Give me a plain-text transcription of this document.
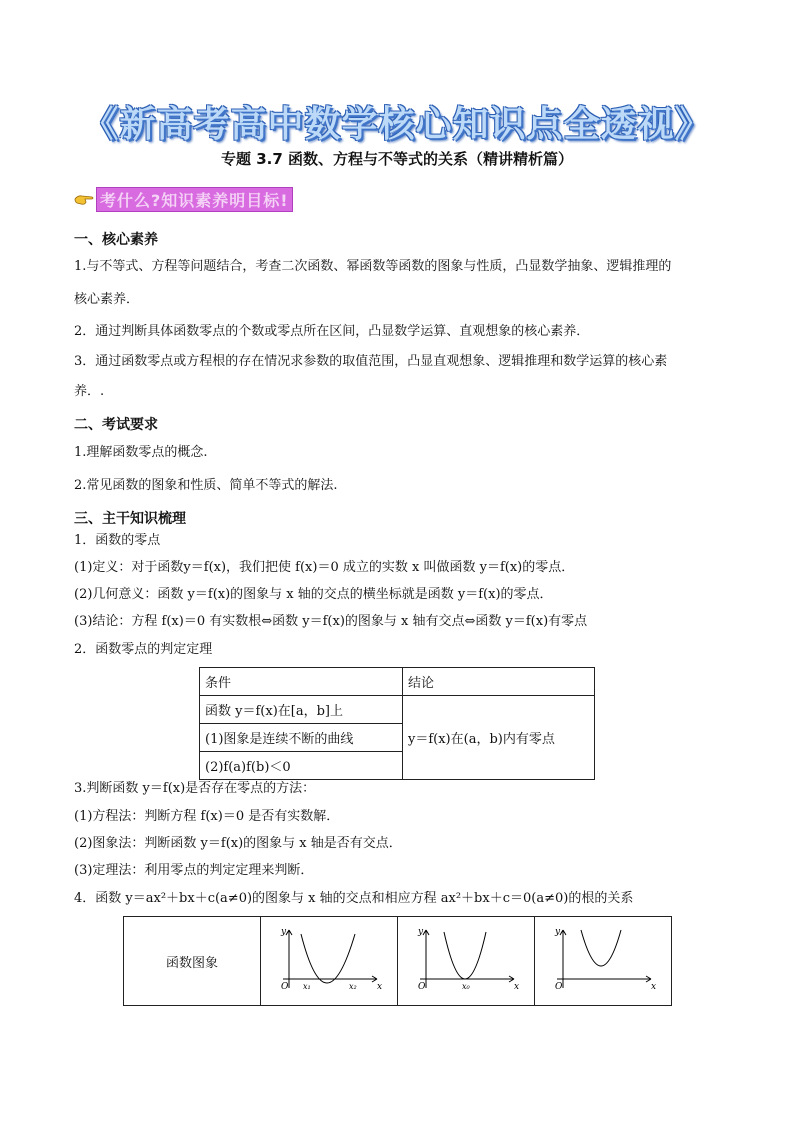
《新高考高中数学核心知识点全透视》
专题 3.7 函数、方程与不等式的关系（精讲精析篇）
考什么?知识素养明目标!
一、核心素养
1.与不等式、方程等问题结合，考查二次函数、幂函数等函数的图象与性质，凸显数学抽象、逻辑推理的
核心素养．
2．通过判断具体函数零点的个数或零点所在区间，凸显数学运算、直观想象的核心素养．
3．通过函数零点或方程根的存在情况求参数的取值范围，凸显直观想象、逻辑推理和数学运算的核心素
养．.
二、考试要求
1.理解函数零点的概念.
2.常见函数的图象和性质、简单不等式的解法.
三、主干知识梳理
1．函数的零点
(1)定义：对于函数y＝f(x)，我们把使 f(x)＝0 成立的实数 x 叫做函数 y＝f(x)的零点．
(2)几何意义：函数 y＝f(x)的图象与 x 轴的交点的横坐标就是函数 y＝f(x)的零点．
(3)结论：方程 f(x)＝0 有实数根⇔函数 y＝f(x)的图象与 x 轴有交点⇔函数 y＝f(x)有零点
2．函数零点的判定定理
条件	结论
函数 y＝f(x)在[a，b]上	y＝f(x)在(a，b)内有零点
(1)图象是连续不断的曲线	
(2)f(a)f(b)＜0	
3.判断函数 y＝f(x)是否存在零点的方法：
(1)方程法：判断方程 f(x)＝0 是否有实数解．
(2)图象法：判断函数 y＝f(x)的图象与 x 轴是否有交点．
(3)定理法：利用零点的判定定理来判断．
4．函数 y＝ax²＋bx＋c(a≠0)的图象与 x 轴的交点和相应方程 ax²＋bx＋c＝0(a≠0)的根的关系
函数图象
y
O	x
x₁	x₂
y
O	x
x₀
y
O	x
